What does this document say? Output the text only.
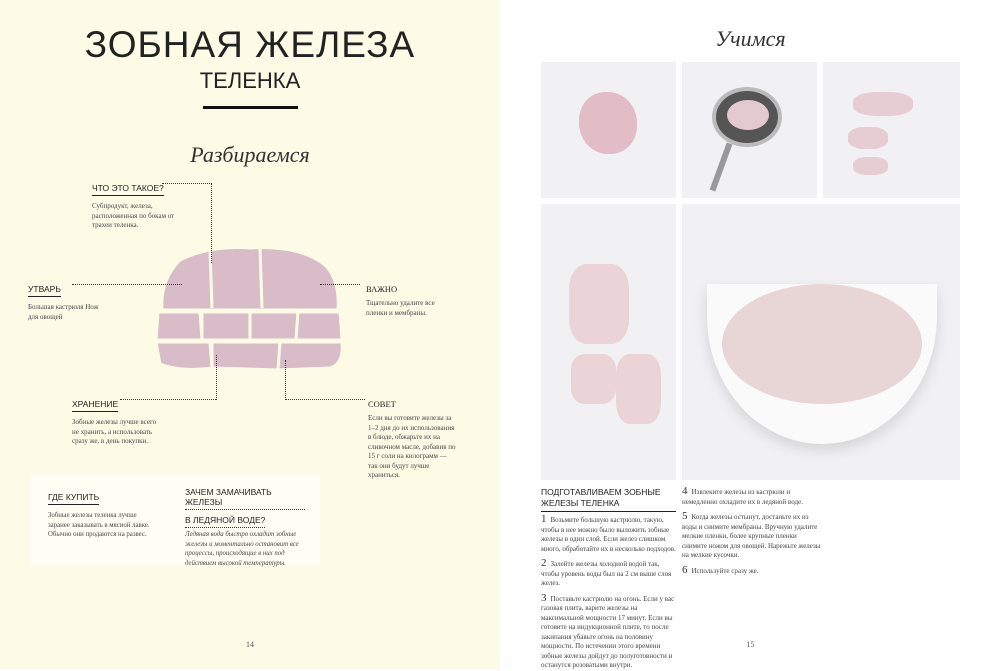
ЗОБНАЯ ЖЕЛЕЗА
ТЕЛЕНКА
Разбираемся
ЧТО ЭТО ТАКОЕ?
Субпродукт, железа, расположенная по бокам от трахеи теленка.
УТВАРЬ
Большая кастрюля Нож для овощей
ВАЖНО
Тщательно удалите все пленки и мембраны.
ХРАНЕНИЕ
Зобные железы лучше всего не хранить, а использовать сразу же, в день покупки.
СОВЕТ
Если вы готовите железы за 1–2 дня до их использования в блюде, обжарьте их на сливочном масле, добавив по 15 г соли на килограмм — так они будут лучше храниться.
ГДЕ КУПИТЬ
Зобные железы теленка лучше заранее заказывать в мясной лавке. Обычно они продаются на развес.
ЗАЧЕМ ЗАМАЧИВАТЬ ЖЕЛЕЗЫ
В ЛЕДЯНОЙ ВОДЕ?
Ледяная вода быстро охладит зобные железы и моментально остановит все процессы, происходящие в них под действием высокой температуры.
14
Учимся
ПОДГОТАВЛИВАЕМ ЗОБНЫЕ ЖЕЛЕЗЫ ТЕЛЕНКА
1 Возьмите большую кастрюлю, такую, чтобы в нее можно было выложить зобные железы в один слой. Если желез слишком много, обработайте их в несколько подходов.
2 Залейте железы холодной водой так, чтобы уровень воды был на 2 см выше слоя желез.
3 Поставьте кастрюлю на огонь. Если у вас газовая плита, варите железы на максимальной мощности 17 минут. Если вы готовите на индукционной плите, то после закипания убавьте огонь на половину мощности. По истечении этого времени зобные железы дойдут до полуготовности и останутся розоватыми внутри.
4 Извлеките железы из кастрюли и немедленно охладите их в ледяной воде.
5 Когда железы остынут, достаньте их из воды и снимите мембраны. Вручную удалите мелкие пленки, более крупные пленки снимите ножом для овощей. Нарежьте железы на мелкие кусочки.
6 Используйте сразу же.
15
